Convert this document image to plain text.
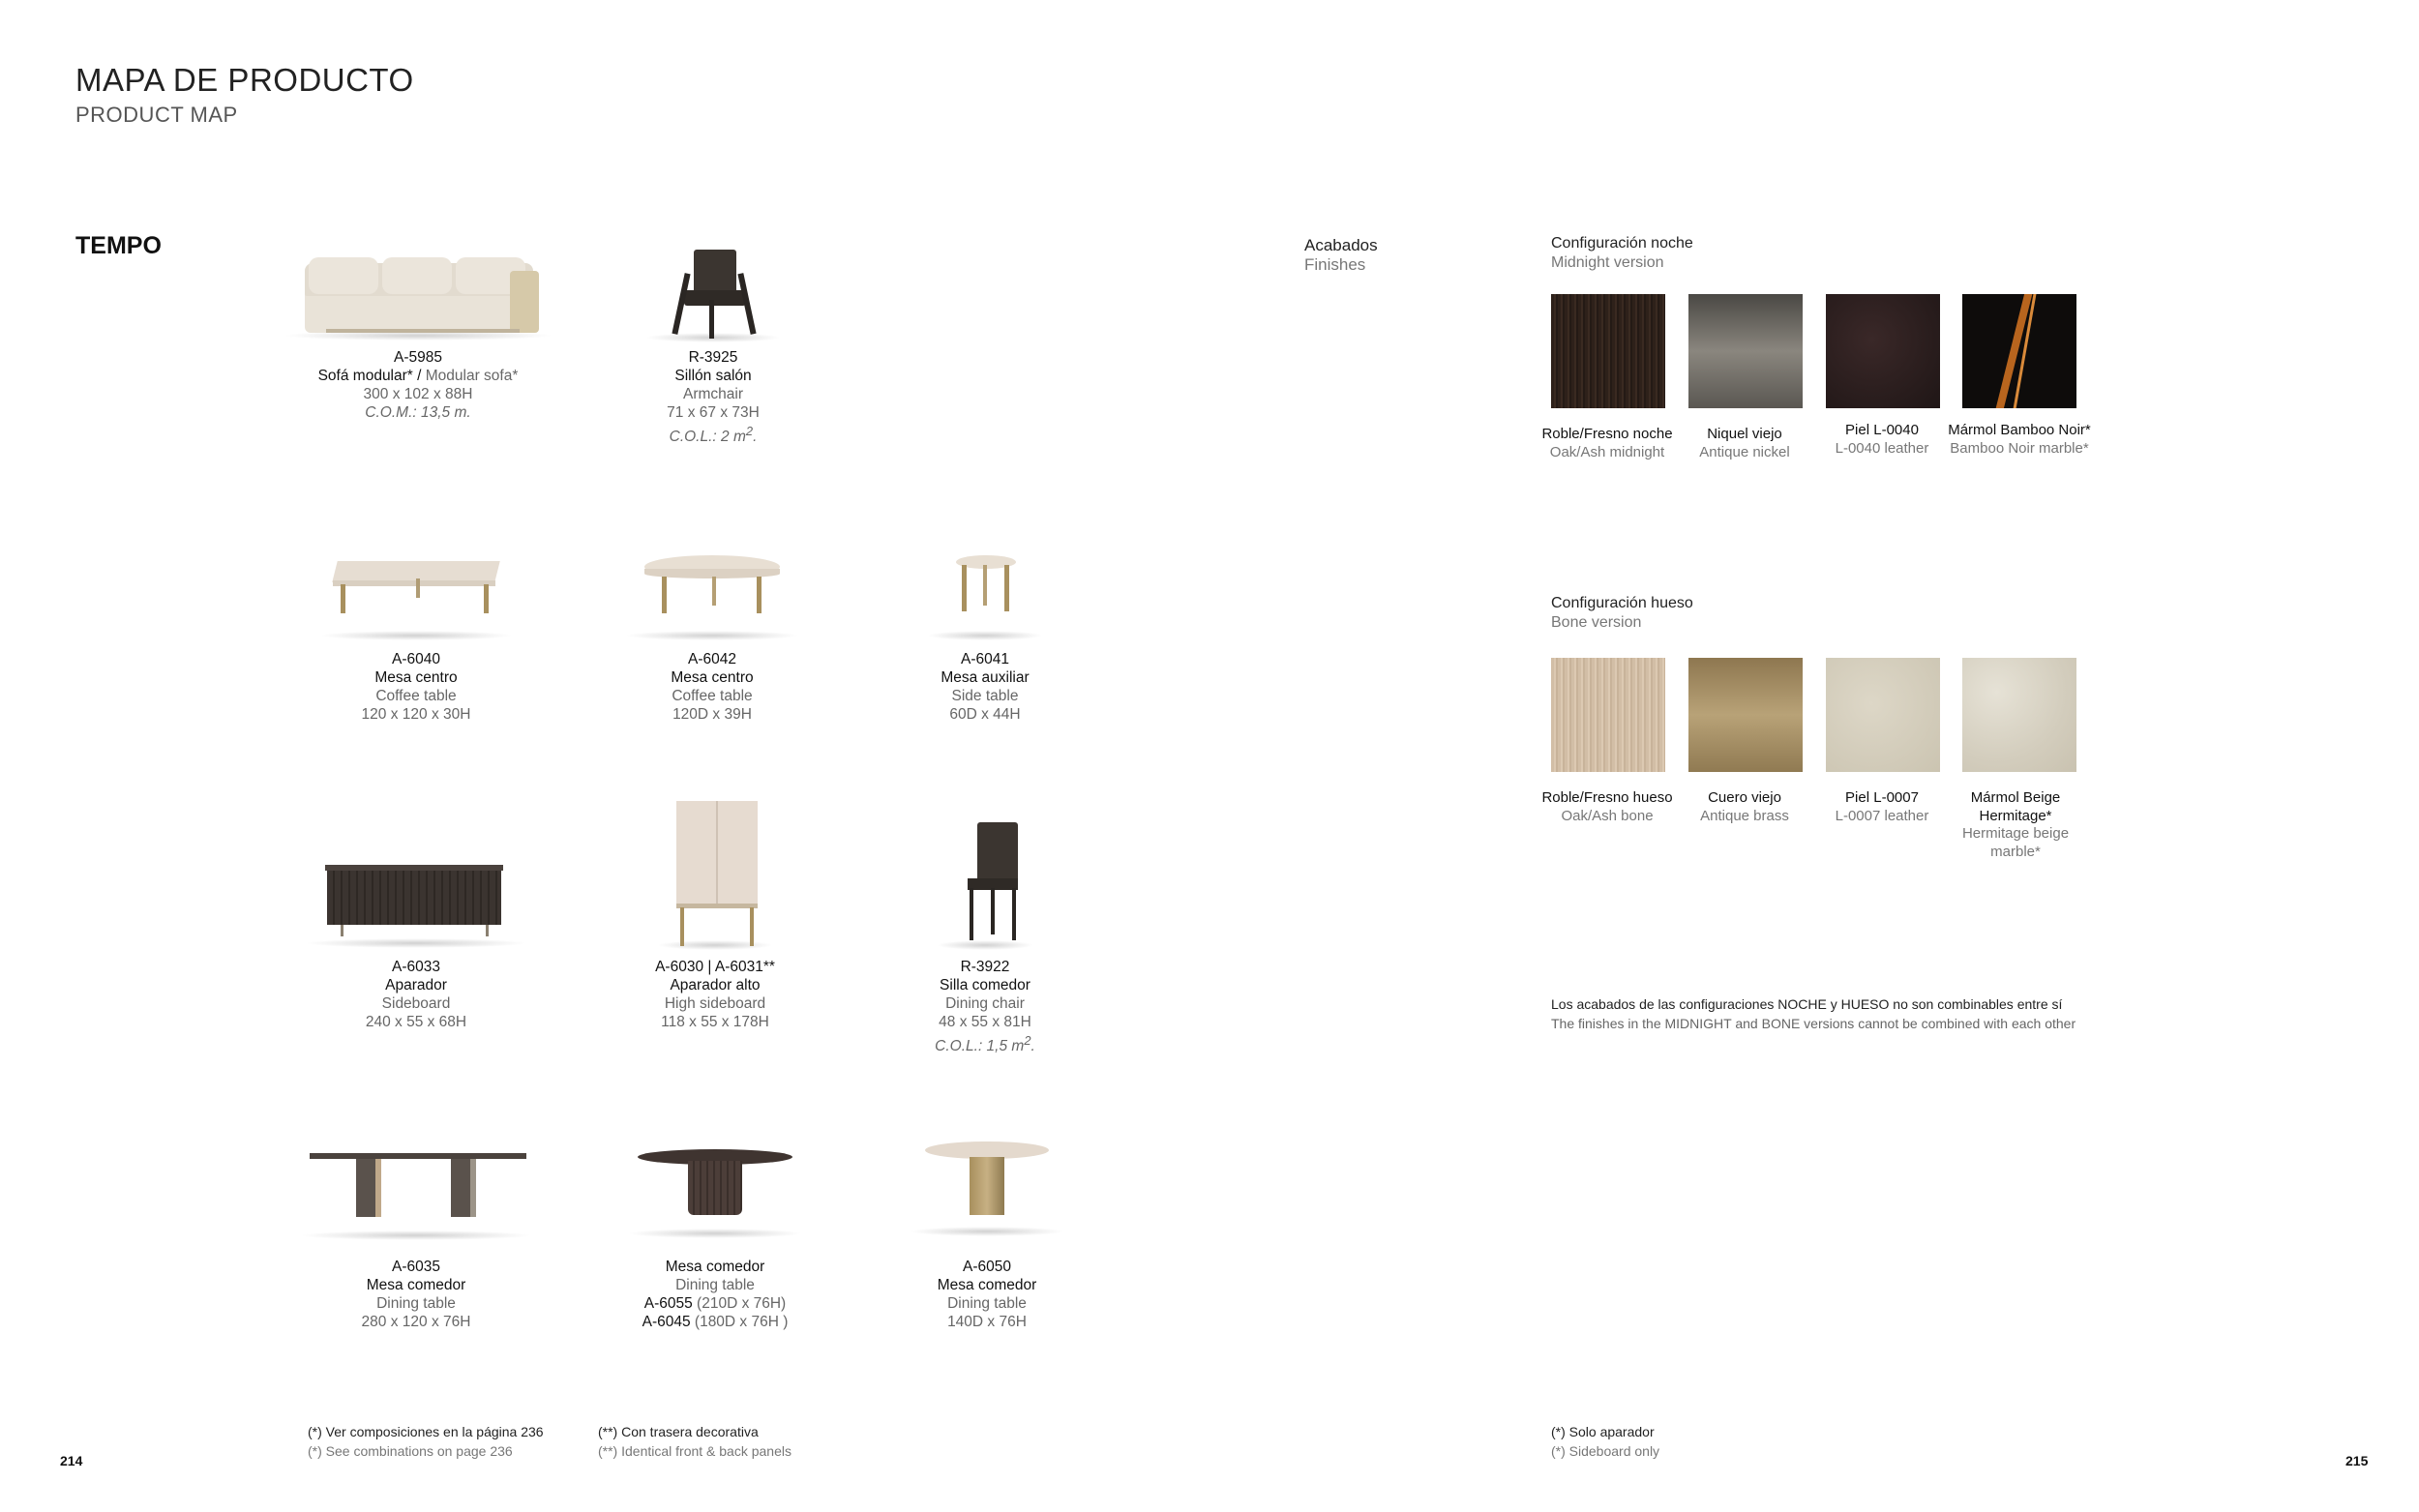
MAPA DE PRODUCTO
PRODUCT MAP
TEMPO
A-5985
Sofá modular* / Modular sofa*
300 x 102 x 88H
C.O.M.: 13,5 m.
R-3925
Sillón salón
Armchair
71 x 67 x 73H
C.O.L.: 2 $m^2$.
A-6040
Mesa centro
Coffee table
120 x 120 x 30H
A-6042
Mesa centro
Coffee table
120D x 39H
A-6041
Mesa auxiliar
Side table
60D x 44H
A-6033
Aparador
Sideboard
240 x 55 x 68H
A-6030 | A-6031**
Aparador alto
High sideboard
118 x 55 x 178H
R-3922
Silla comedor
Dining chair
48 x 55 x 81H
C.O.L.: 1,5 $m^2$.
A-6035
Mesa comedor
Dining table
280 x 120 x 76H
Mesa comedor
Dining table
A-6055 (210D x 76H)
A-6045 (180D x 76H )
A-6050
Mesa comedor
Dining table
140D x 76H
Acabados
Finishes
Configuración noche
Midnight version
Roble/Fresno noche
Oak/Ash midnight
Niquel viejo
Antique nickel
Piel L-0040
L-0040 leather
Mármol Bamboo Noir*
Bamboo Noir marble*
Configuración hueso
Bone version
Roble/Fresno hueso
Oak/Ash bone
Cuero viejo
Antique brass
Piel L-0007
L-0007 leather
Mármol Beige Hermitage*
Hermitage beige marble*
Los acabados de las configuraciones NOCHE y HUESO no son combinables entre sí
The finishes in the MIDNIGHT and BONE versions cannot be combined with each other
(*) Ver composiciones en la página 236
(*) See combinations on page 236
(**) Con trasera decorativa
(**) Identical front & back panels
(*) Solo aparador
(*) Sideboard only
214	215
